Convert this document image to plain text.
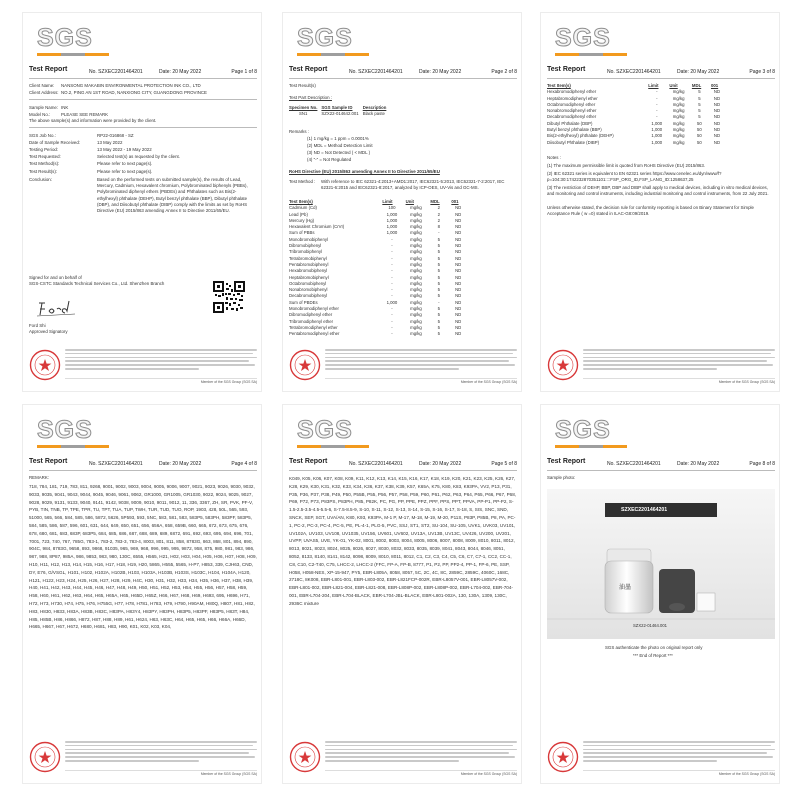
SGS
Test Report	No. SZXEC2201464201	Date: 20 May 2022	Page 1 of 8
Client Name: NANSONG MAKABIN ENVIRONMENTAL PROTECTION INK CO., LTD
Client Address: NO.2, PING AN 1ST ROAD, NANXIONG CITY, GUANGDONG PROVINCE
Sample Name: INK
Model No.: PLEASE SEE REMARK
The above sample(s) and information were provided by the client.
SGS Job No.:	RP22-016868 - SZ
Date of Sample Received:	13 May 2022
Testing Period:	13 May 2022 - 19 May 2022
Test Requested:	Selected test(s) as requested by the client.
Test Method(s):	Please refer to next page(s).
Test Result(s):	Please refer to next page(s).
Conclusion:	Based on the performed tests on submitted sample(s), the results of Lead, Mercury, Cadmium, Hexavalent chromium, Polybrominated biphenyls (PBBs), Polybrominated diphenyl ethers (PBDEs) and Phthalates such as Bis(2-ethylhexyl) phthalate (DEHP), Butyl benzyl phthalate (BBP), Dibutyl phthalate (DBP), and Diisobutyl phthalate (DIBP) comply with the limits as set by RoHS Directive (EU) 2015/863 amending Annex II to Directive 2011/65/EU.
Signed for and on behalf of
SGS-CSTC Standards Technical Services Co., Ltd. Shenzhen Branch
Ford Shi
Approved Signatory
Member of the SGS Group (SGS SA)
SGS
Test Report	No. SZXEC2201464201	Date: 20 May 2022	Page 2 of 8
Test Result(s)
Test Part Description :
Specimen No.	SGS Sample ID	Description
SN1	SZX22-014642.001	Black paste
Remarks :
(1) 1 mg/kg = 1 ppm = 0.0001%
(2) MDL = Method Detection Limit
(3) ND = Not Detected ( < MDL )
(4) "-" = Not Regulated
RoHS Directive (EU) 2015/863 amending Annex II to Directive 2011/65/EU
Test Method : With reference to IEC 62321-4:2013+AMD1:2017, IEC62321-5:2013, IEC62321-7-2:2017, IEC 62321-6:2015 and IEC62321-8:2017, analyzed by ICP-OES, UV-Vis and GC-MS.
Test Item(s)	Limit	Unit	MDL	001
Cadmium (Cd)	100	mg/kg	2	ND
Lead (Pb)	1,000	mg/kg	2	ND
Mercury (Hg)	1,000	mg/kg	2	ND
Hexavalent Chromium (CrVI)	1,000	mg/kg	8	ND
Sum of PBBs	1,000	mg/kg	-	ND
Monobromobiphenyl	-	mg/kg	5	ND
Dibromobiphenyl	-	mg/kg	5	ND
Tribromobiphenyl	-	mg/kg	5	ND
Tetrabromobiphenyl	-	mg/kg	5	ND
Pentabromobiphenyl	-	mg/kg	5	ND
Hexabromobiphenyl	-	mg/kg	5	ND
Heptabromobiphenyl	-	mg/kg	5	ND
Octabromobiphenyl	-	mg/kg	5	ND
Nonabromobiphenyl	-	mg/kg	5	ND
Decabromobiphenyl	-	mg/kg	5	ND
Sum of PBDEs	1,000	mg/kg	-	ND
Monobromodiphenyl ether	-	mg/kg	5	ND
Dibromodiphenyl ether	-	mg/kg	5	ND
Tribromodiphenyl ether	-	mg/kg	5	ND
Tetrabromodiphenyl ether	-	mg/kg	5	ND
Pentabromodiphenyl ether	-	mg/kg	5	ND
Member of the SGS Group (SGS SA)
SGS
Test Report	No. SZXEC2201464201	Date: 20 May 2022	Page 3 of 8
Test Item(s)	Limit	Unit	MDL	001
Hexabromodiphenyl ether	-	mg/kg	5	ND
Heptabromodiphenyl ether	-	mg/kg	5	ND
Octabromodiphenyl ether	-	mg/kg	5	ND
Nonabromodiphenyl ether	-	mg/kg	5	ND
Decabromodiphenyl ether	-	mg/kg	5	ND
Dibutyl Phthalate (DBP)	1,000	mg/kg	50	ND
Butyl benzyl phthalate (BBP)	1,000	mg/kg	50	ND
Bis(2-ethylhexyl) phthalate (DEHP)	1,000	mg/kg	50	ND
Diisobutyl Phthalate (DIBP)	1,000	mg/kg	50	ND
Notes :
(1) The maximum permissible limit is quoted from RoHS Directive (EU) 2015/863.
(2) IEC 62321 series is equivalent to EN 62321 series https://www.cenelec.eu/dyn/www/f?p=104:30:1742232870351101::::FSP_ORG_ID,FSP_LANG_ID:1258637,25
(3) The restriction of DEHP, BBP, DBP and DIBP shall apply to medical devices, including in vitro medical devices, and monitoring and control instruments, including industrial monitoring and control instruments, from 22 July 2021.
Unless otherwise stated, the decision rule for conformity reporting is based on Binary Statement for Simple Acceptance Rule ( w =0) stated in ILAC-G8:09/2019.
Member of the SGS Group (SGS SA)
SGS
Test Report	No. SZXEC2201464201	Date: 20 May 2022	Page 4 of 8
REMARK:
718, 784, 181, 719, 783, 811, 9268, 9001, 9002, 9003, 9004, 9005, 9006, 9007, 9021, 9023, 9026, 9030, 9032, 9033, 9035, 9041, 9043, 9044, 9045, 9046, 9061, 9062, GR1000, GR1005, GR1030, 9022, 9024, 9025, 9027, 9028, 9029, 9131, 9133, 9040, 9141, 9142, 9038, 9009, 9010, 9011, 9012, 11, 336, 3367, ZH, SR, PVK, PF-V, PYB, TIN, TNB, TP, TPE, TPR, TU, TPT, TUA, TUP, TWH, TUR, TUD, TUO, ROP, 1903, 428, 50L, 565, 593, 51000, 565, 566, 584, 585, 586, 5872, 5626, 5P593, 593, 5NC, 583, 581, 583, 583P5, 583PH, 583PF, 583P5, 584, 585, 586, 587, 596, 601, 631, 644, 649, 650, 651, 656, 656A, 658, 659B, 660, 665, 672, 673, 675, 676, 678, 680, 681, 683, 683P, 683P5, 684, 685, 686, 687, 688, 689, 689, 6872, 691, 692, 693, 695, 694, 696, 701, 7001, 723, 740, 767, 785G, 783-1, 783-2, 783-3, 783-4, 8003, 801, 811, 858, 8783G, 863, 868, 801, 894, 890, 904C, 984, 8783G, 9658, 893, 9868, 91035, 965, 969, 968, 996, 995, 995, 9872, 958, 875, 980, 981, 983, 986, 987, 988, 8P87, 985A, 986, 9853, 983, 980, 130C, 6555, H565, H21, H02, H03, H04, H05, H06, H07, H08, H09, H10, H11, H12, H13, H14, H15, H16, H17, H18, H19, H20, 5865, H555, 5565, H-P7, H853, 339, CJH63, CND, DY, E76, G/VSGL, H101, H102, H102A, H102B, H103, H103A, H103B, H103S, H103C, H104, H104A, H120, H121, H122, H23, H24, H25, H26, H27, H28, H29, H4C, H30, H31, H32, H33, H34, H35, H36, H37, H38, H39, H40, H41, H42, H43, H44, H45, H46, H47, H48, H49, H50, H51, H52, H53, H54, H55, H56, H57, H58, H59, H58, H60, H61, H62, H63, H64, H65, H65A, H65, H65D, H65Z, H66, H67, H68, H69, H693, 695, H696, H71, H72, H73, H730, H74, H75, H76, H755G, H77, H78, H781, H783, H79, H790, H90AM, H80Q, H807, H81, H82, H83, H830, H833, H83A, H83B, H83C, H83PA, H83Y4, H83PY, H83PH, H83P5, H83PF, H83P5, H83T, H84, H85, H85B, H86, H866, H872, H87, H88, H89, H61, H624, H63, H63C, H64, H65, H65, H66, H66A, H66D, H665, H667, H67, H672, H680, H681, H83, H90, K01, K02, K03, K04,
Member of the SGS Group (SGS SA)
SGS
Test Report	No. SZXEC2201464201	Date: 20 May 2022	Page 5 of 8
K049, K05, K06, K07, K08, K09, K11, K12, K13, K14, K15, K16, K17, K18, K19, K20, K21, K23, K25, K26, K27, K28, K29, K30, K31, K32, K33, K34, K36, K37, K38, K39, K57, K65A, K75, K80, K83, K93PA, VV2, P13, P31, P35, P36, P37, P38, P49, P50, P55B, P55, P56, P57, P58, P59, P60, P61, P62, P63, P64, P65, P66, P67, P68, P69, P72, P73, P83PS, P83PH, P85, P82K, PC, PG, PP, PPE, PPZ, PPF, PPS, PPT, PPVA, PP-P1, PP-P2, S-1.5-2.5-3.5-4.5-5.5-6, S-7.5-8.5-9, S-10, S-11, S-12, S-13, S-14, S-15, S-16, S-17, S-18, S, SIS, SNC, SND, SNCK, SEP, SGT, UVA/AN, K80, K93, K93PA, M-1 P, M-17, M-18, M-19, M-20, P11S, P83P, P85B, P8, PA, PC-1, PC-2, PC-3, PC-4, PC-5, PE, PL-4-1, PLG-5, PVC, SSJ, ST1, ST2, SU-104, SU-105, UVK1, UVK03, UV101, UV102A, UV103, UV108, UV1035, UV156, UV601, UV602, UV13A, UV13B, UV13C, UV426, UV200, UV201, UVPP, UVAS5, UVE, YK-01, YK-02, 8001, 8002, 8003, 8004, 8005, 8006, 8007, 8008, 8009, 8010, 8011, 8012, 8013, 8021, 8023, 8024, 8025, 8026, 8027, 8030, 8032, 8033, 8035, 8039, 8041, 8043, 8044, 8046, 8051, 8052, 8133, 8140, 8141, 8142, 8098, 8009, 8010, 8011, 8012, C1, C2, C3, C4, C5, C6, C7, C7-1, CC2, CC-1, C8, C10, C2-T40, C75, LHCC-2, LHCC-2 (FFC, FP-A, FP-B, 8777, P1, P2, PP, PP2-4, PP-1, FP-6, PE, SSP, H058, H058-NES, XP-15-947, PY5, EBR-L805A, 8058, 8057, 5C, 2C, 4C, 8C, 2859C, 2859C, 4060C, 168C, 2718C, 8K008, EBR-L801-001, EBR-L803-002, EBR-L821FCP-002R, EBR-L8057V-001, EBR-L8057V-002, EBR-L801-002, EBR-L821-004, EBR-L821-008, EBR-L808P-002, EBR-L808P-002, EBR-L704-002, EBR-704-001, EBR-L704-204, EBR-L704-BLACK, EBR-L704-JBL-BLACK, EBR-L801-002A, 130, 130A, 1309, 130C, 2936C mixture
Member of the SGS Group (SGS SA)
SGS
Test Report	No. SZXEC2201464201	Date: 20 May 2022	Page 8 of 8
Sample photo:
SZXEC2201464201
油墨
SZX22-01464.001
SGS authenticate the photo on original report only
*** End of Report ***
Member of the SGS Group (SGS SA)
